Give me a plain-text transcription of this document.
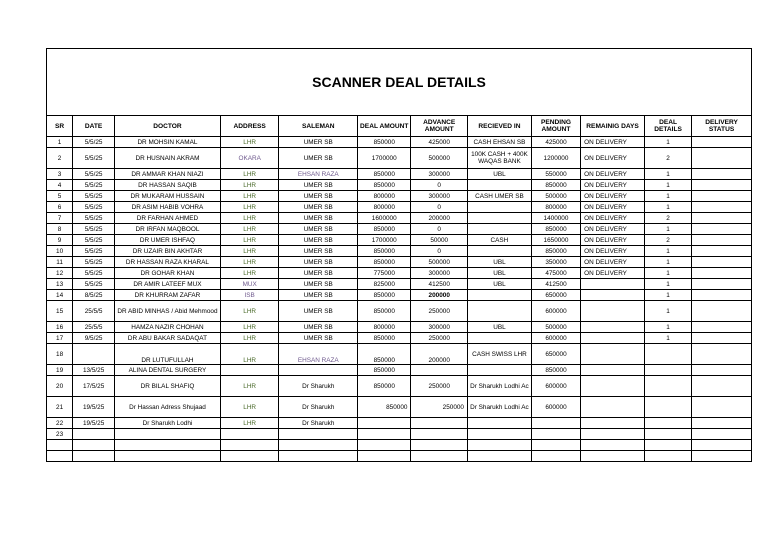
SCANNER DEAL DETAILS											
SR	DATE	DOCTOR	ADDRESS	SALEMAN	DEAL AMOUNT	ADVANCE AMOUNT	RECIEVED IN	PENDING AMOUNT	REMAINIG DAYS	DEAL DETAILS	DELIVERY STATUS
1	5/5/25	DR MOHSIN KAMAL	LHR	UMER SB	850000	425000	CASH EHSAN SB	425000	ON DELIVERY	1	
2	5/5/25	DR HUSNAIN AKRAM	OKARA	UMER SB	1700000	500000	100K CASH + 400K WAQAS BANK	1200000	ON DELIVERY	2	
3	5/5/25	DR AMMAR KHAN NIAZI	LHR	EHSAN RAZA	850000	300000	UBL	550000	ON DELIVERY	1	
4	5/5/25	DR HASSAN SAQIB	LHR	UMER SB	850000	0		850000	ON DELIVERY	1	
5	5/5/25	DR MUKARAM HUSSAIN	LHR	UMER SB	800000	300000	CASH UMER SB	500000	ON DELIVERY	1	
6	5/5/25	DR ASIM HABIB VOHRA	LHR	UMER SB	800000	0		800000	ON DELIVERY	1	
7	5/5/25	DR FARHAN AHMED	LHR	UMER SB	1600000	200000		1400000	ON DELIVERY	2	
8	5/5/25	DR IRFAN MAQBOOL	LHR	UMER SB	850000	0		850000	ON DELIVERY	1	
9	5/5/25	DR UMER ISHFAQ	LHR	UMER SB	1700000	50000	CASH	1650000	ON DELIVERY	2	
10	5/5/25	DR UZAIR BIN AKHTAR	LHR	UMER SB	850000	0		850000	ON DELIVERY	1	
11	5/5/25	DR HASSAN RAZA KHARAL	LHR	UMER SB	850000	500000	UBL	350000	ON DELIVERY	1	
12	5/5/25	DR GOHAR KHAN	LHR	UMER SB	775000	300000	UBL	475000	ON DELIVERY	1	
13	5/5/25	DR AMIR LATEEF MUX	MUX	UMER SB	825000	412500	UBL	412500		1	
14	8/5/25	DR KHURRAM ZAFAR	ISB	UMER SB	850000	200000		650000		1	
15	25/5/5	DR ABID MINHAS / Abid Mehmood	LHR	UMER SB	850000	250000		600000		1	
16	25/5/5	HAMZA NAZIR CHOHAN	LHR	UMER SB	800000	300000	UBL	500000		1	
17	9/5/25	DR ABU BAKAR SADAQAT	LHR	UMER SB	850000	250000		600000		1	
18		DR LUTUFULLAH	LHR	EHSAN RAZA	850000	200000	CASH SWISS LHR	650000			
19	13/5/25	ALINA DENTAL SURGERY			850000			850000			
20	17/5/25	DR BILAL SHAFIQ	LHR	Dr Sharukh	850000	250000	Dr Sharukh Lodhi Ac	600000			
21	19/5/25	Dr Hassan Adress Shujaad	LHR	Dr Sharukh	850000	250000	Dr Sharukh Lodhi Ac	600000			
22	19/5/25	Dr Sharukh Lodhi	LHR	Dr Sharukh							
23											
